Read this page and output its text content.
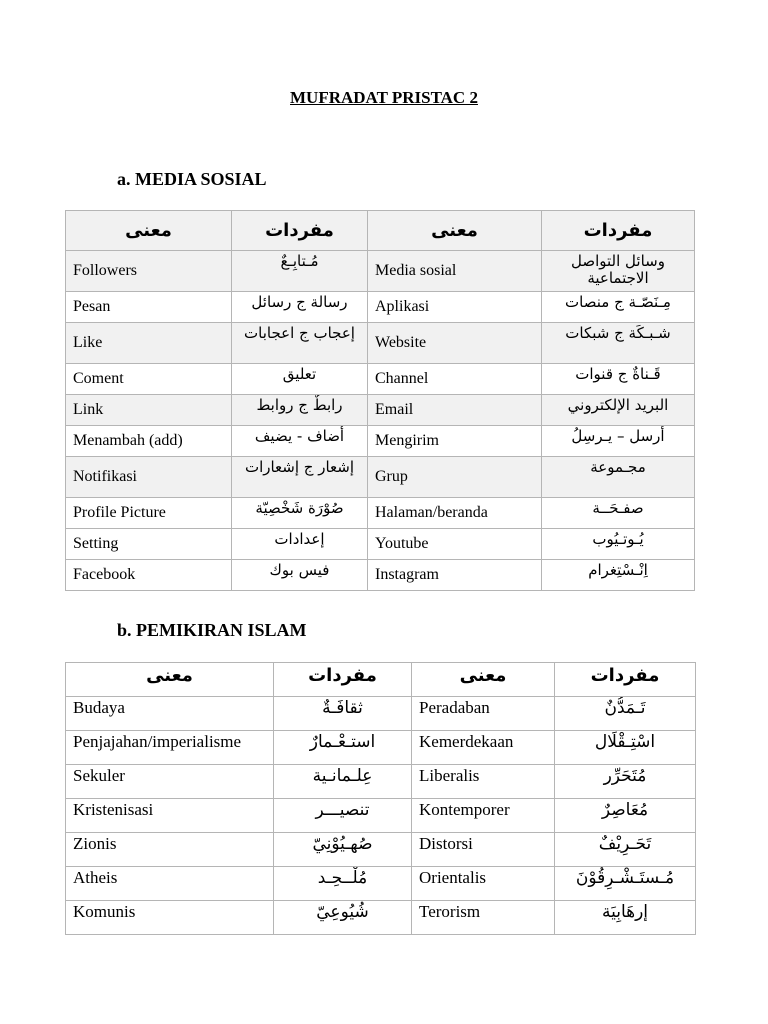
MUFRADAT PRISTAC 2
a. MEDIA SOSIAL
معنى	مفردات	معنى	مفردات
Followers	مُـتابِـعٌ	Media sosial	وسائل التواصل الاجتماعية
Pesan	رسالة ج رسائل	Aplikasi	مِـنَصّـة ج منصات
Like	إعجاب ج اعجابات	Website	شـبـكَة ج شبكات
Coment	تعليق	Channel	قَـناةٌ ج قنوات
Link	رابطٌ ج روابط	Email	البريد الإلكتروني
Menambah (add)	أضاف - يضيف	Mengirim	أرسل – يـرسِلُ
Notifikasi	إشعار ج إشعارات	Grup	مجـموعة
Profile Picture	صُوْرَة شَخْصِيّة	Halaman/beranda	صفـحَــة
Setting	إعدادات	Youtube	يُـوتـيُوب
Facebook	فيس بوك	Instagram	اِنْـسْتِغرام
b. PEMIKIRAN ISLAM
معنى	مفردات	معنى	مفردات
Budaya	ثقافَـةٌ	Peradaban	تَـمَدُّنٌ
Penjajahan/imperialisme	استـعْـمارٌ	Kemerdekaan	اسْتِـقْلَال
Sekuler	عِلـمانـية	Liberalis	مُتَحَرِّر
Kristenisasi	تنصيـــر	Kontemporer	مُعَاصِرٌ
Zionis	صُهـيُوْنِيّ	Distorsi	تَحَـرِيْفٌ
Atheis	مُلْــحِـد	Orientalis	مُـستَـشْـرِقُوْنَ
Komunis	شُيُوعِيّ	Terorism	إرهَابِيَة
